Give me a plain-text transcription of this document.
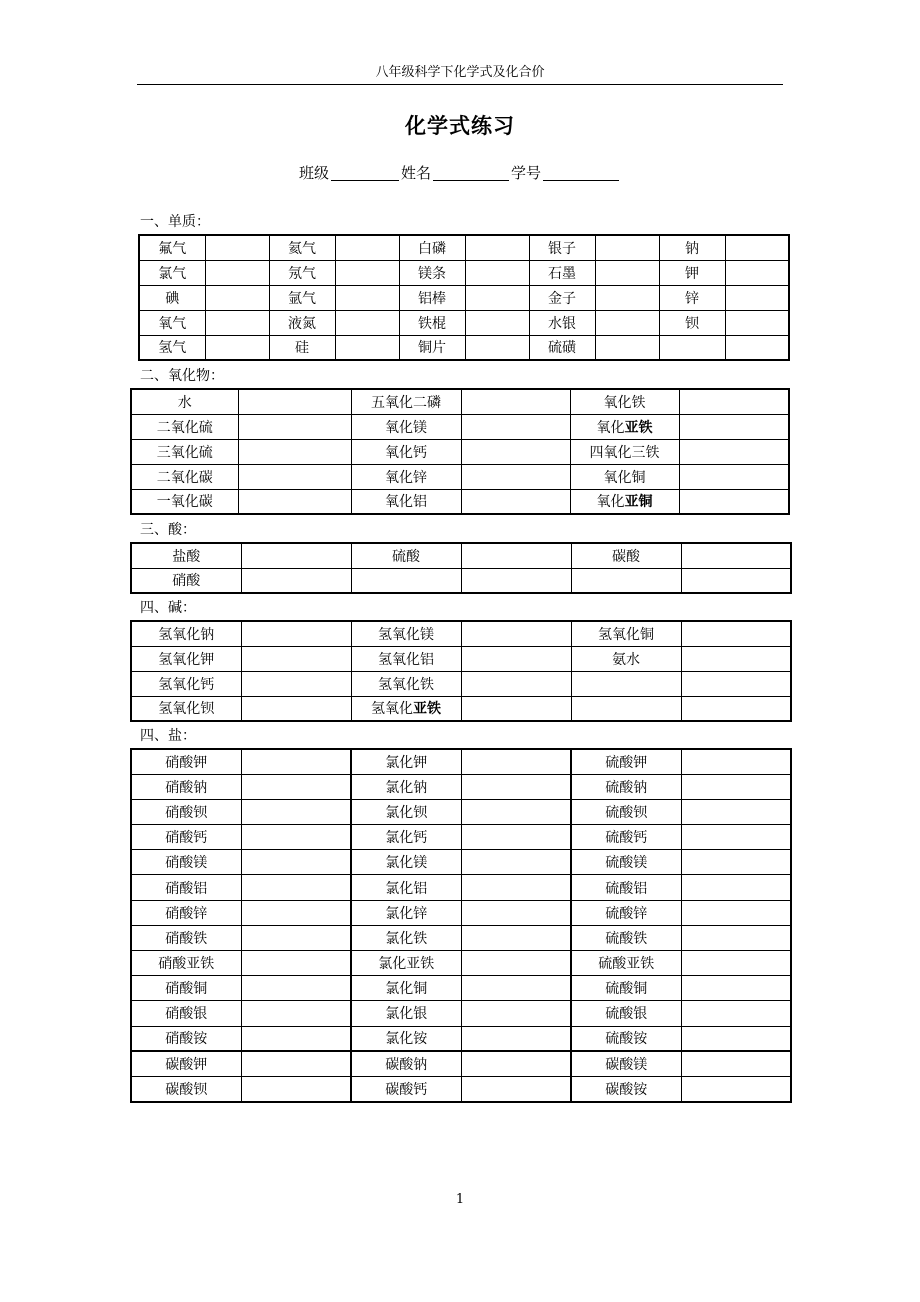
八年级科学下化学式及化合价
化学式练习
班级	姓名	学号
一、单质：
氟气		氦气		白磷		银子		钠	
氯气		氖气		镁条		石墨		钾	
碘		氩气		铝棒		金子		锌	
氧气		液氮		铁棍		水银		钡	
氢气		硅		铜片		硫磺			
二、氧化物：
水		五氧化二磷		氧化铁	
二氧化硫		氧化镁		氧化亚铁	
三氧化硫		氧化钙		四氧化三铁	
二氧化碳		氧化锌		氧化铜	
一氧化碳		氧化铝		氧化亚铜	
三、酸：
盐酸		硫酸		碳酸	
硝酸					
四、碱：
氢氧化钠		氢氧化镁		氢氧化铜	
氢氧化钾		氢氧化铝		氨水	
氢氧化钙		氢氧化铁			
氢氧化钡		氢氧化亚铁			
四、盐：
硝酸钾		氯化钾		硫酸钾	
硝酸钠		氯化钠		硫酸钠	
硝酸钡		氯化钡		硫酸钡	
硝酸钙		氯化钙		硫酸钙	
硝酸镁		氯化镁		硫酸镁	
硝酸铝		氯化铝		硫酸铝	
硝酸锌		氯化锌		硫酸锌	
硝酸铁		氯化铁		硫酸铁	
硝酸亚铁		氯化亚铁		硫酸亚铁	
硝酸铜		氯化铜		硫酸铜	
硝酸银		氯化银		硫酸银	
硝酸铵		氯化铵		硫酸铵	
碳酸钾		碳酸钠		碳酸镁	
碳酸钡		碳酸钙		碳酸铵	
1
